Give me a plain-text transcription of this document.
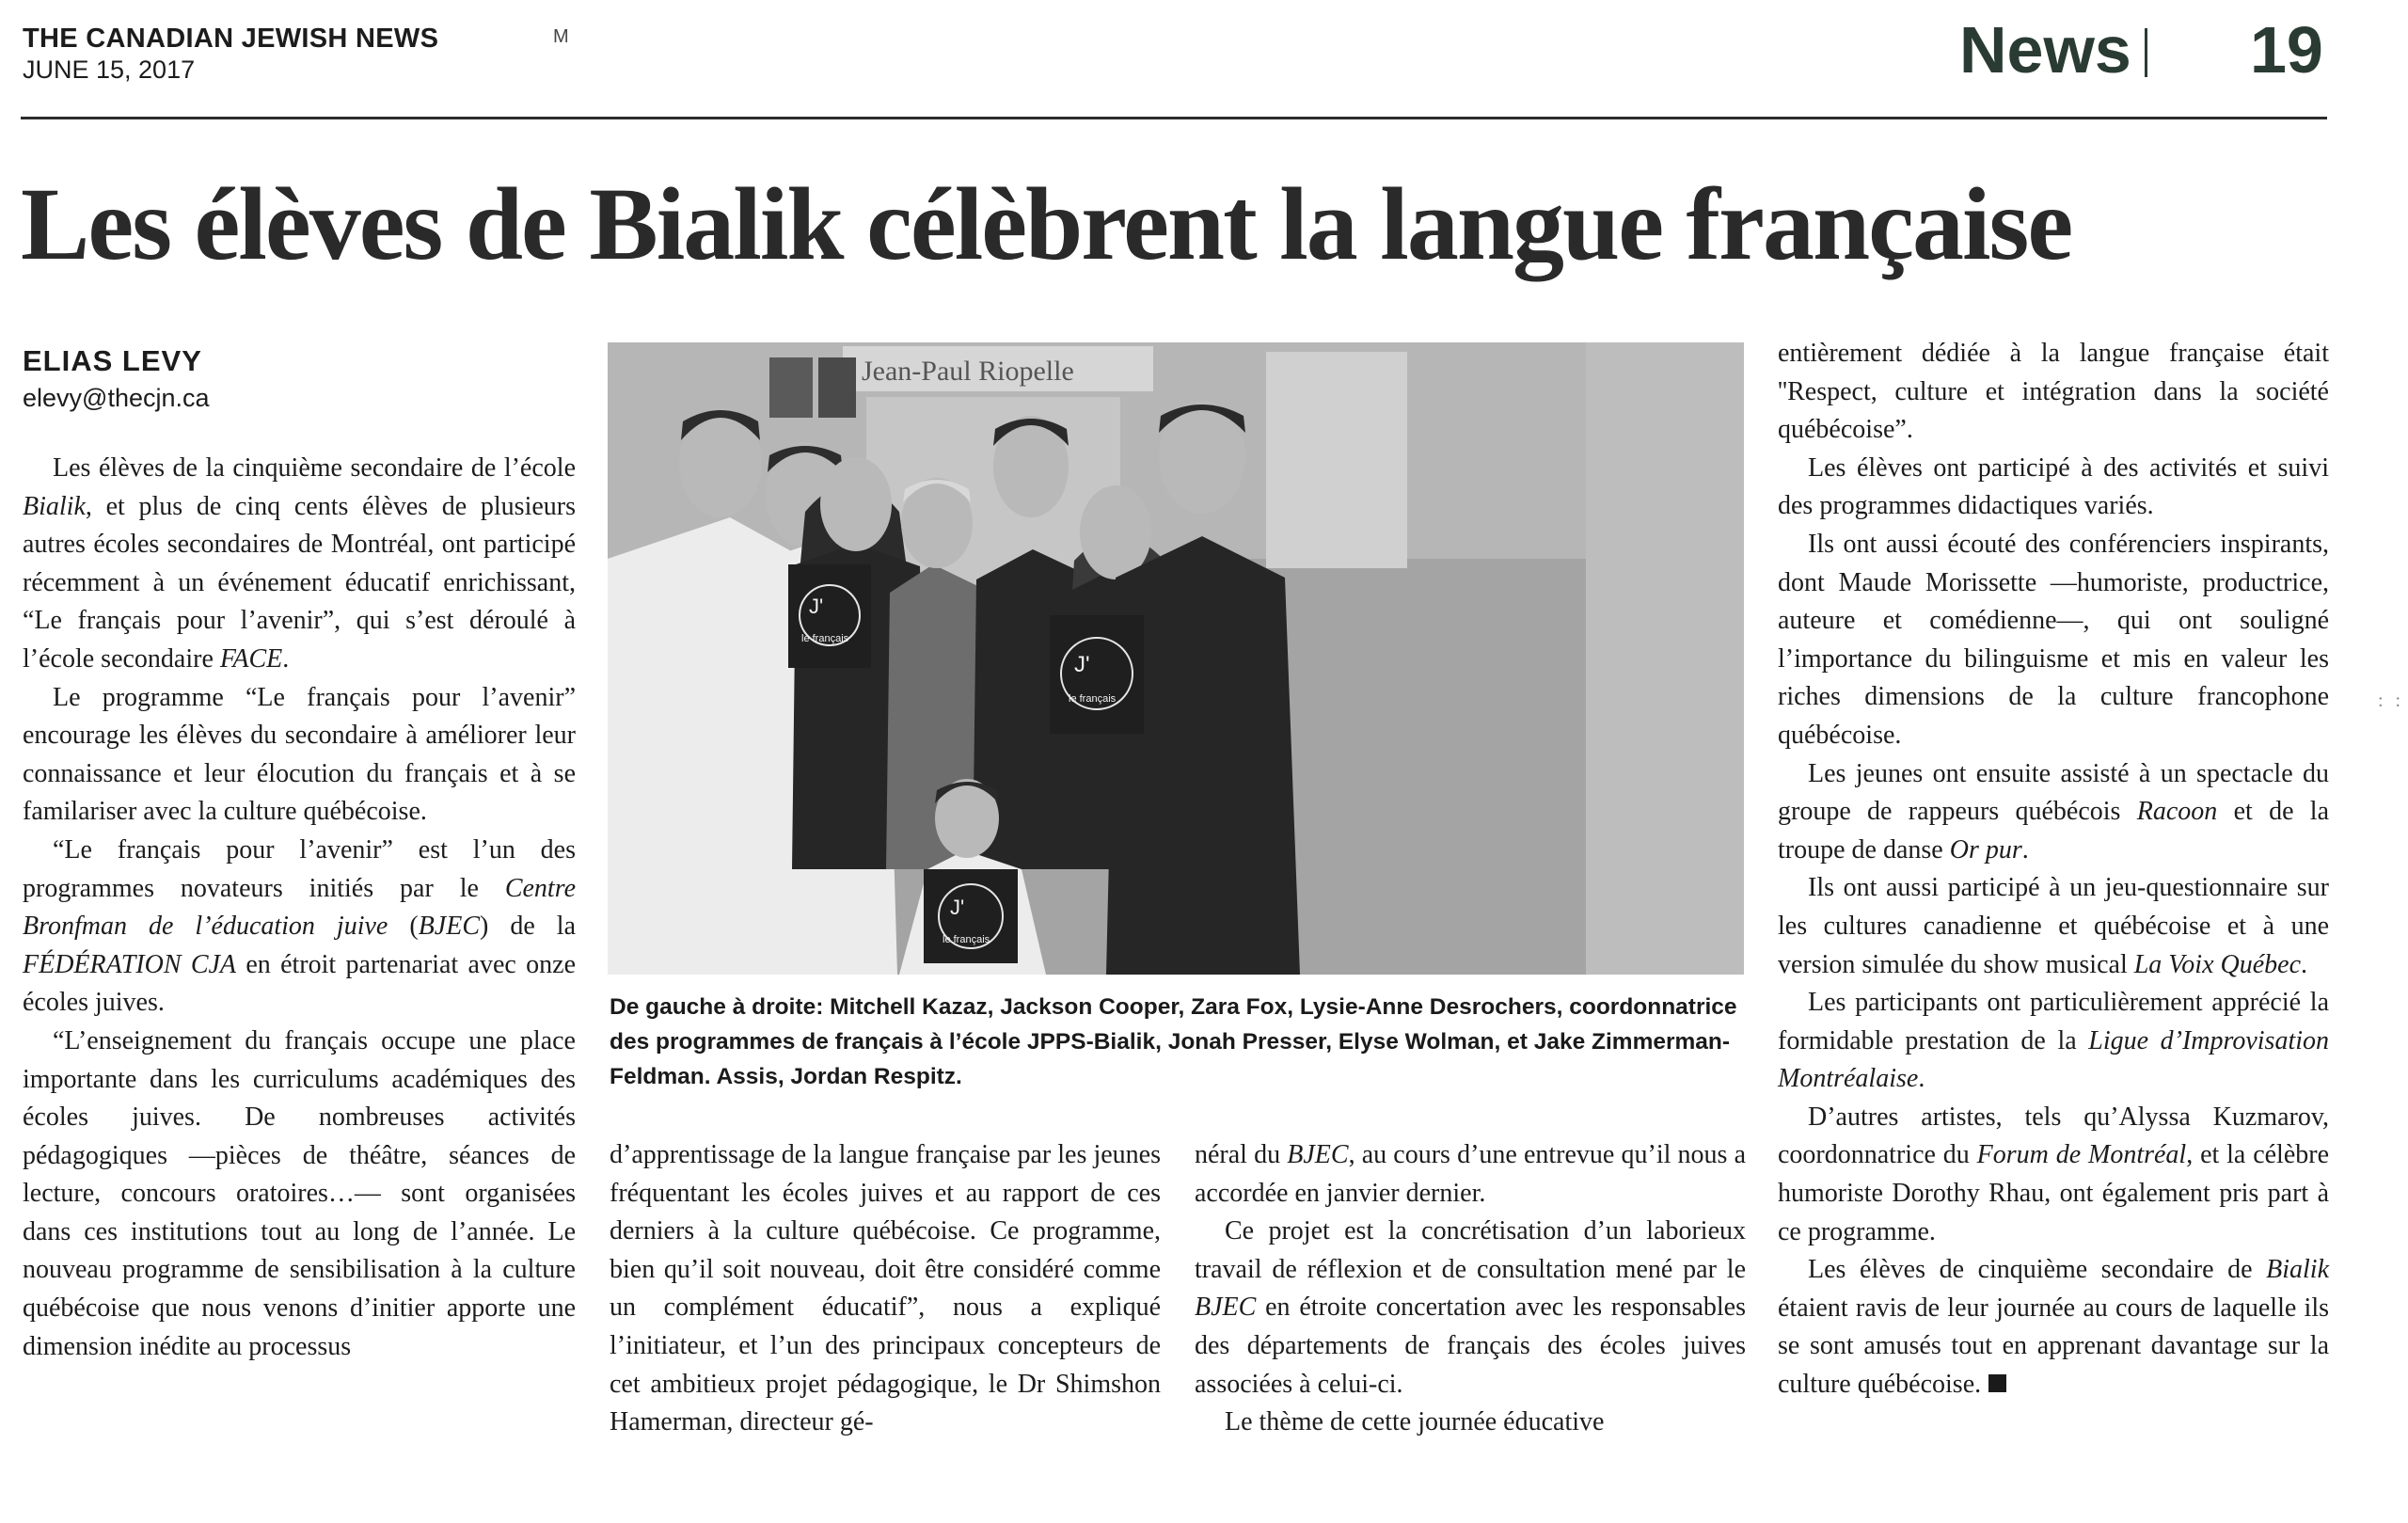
THE CANADIAN JEWISH NEWS
JUNE 15, 2017
M	News 19
Les élèves de Bialik célèbrent la langue française
ELIAS LEVY
elevy@thecjn.ca

Les élèves de la cinquième secondaire de l’école Bialik, et plus de cinq cents élèves de plusieurs autres écoles secondaires de Montréal, ont participé récemment à un événement éducatif enrichissant, “Le français pour l’avenir”, qui s’est déroulé à l’école secondaire FACE.

Le programme “Le français pour l’avenir” encourage les élèves du secondaire à améliorer leur connaissance et leur élocution du français et à se familariser avec la culture québécoise.

“Le français pour l’avenir” est l’un des programmes novateurs initiés par le Centre Bronfman de l’éducation juive (BJEC) de la FÉDÉRATION CJA en étroit partenariat avec onze écoles juives.

“L’enseignement du français occupe une place importante dans les curriculums académiques des écoles juives. De nombreuses activités pédagogiques —pièces de théâtre, séances de lecture, concours oratoires…— sont organisées dans ces institutions tout au long de l’année. Le nouveau programme de sensibilisation à la culture québécoise que nous venons d’initier apporte une dimension inédite au processus

Jean-Paul Riopelle
J'
le français
J'
le français
J'
le français
De gauche à droite: Mitchell Kazaz, Jackson Cooper, Zara Fox, Lysie-Anne Desrochers, coordonnatrice des programmes de français à l’école JPPS-Bialik, Jonah Presser, Elyse Wolman, et Jake Zimmerman-Feldman. Assis, Jordan Respitz.

d’apprentissage de la langue française par les jeunes fréquentant les écoles juives et au rapport de ces derniers à la culture québécoise. Ce programme, bien qu’il soit nouveau, doit être considéré comme un complément éducatif”, nous a expliqué l’initiateur, et l’un des principaux concepteurs de cet ambitieux projet pédagogique, le Dr Shimshon Hamerman, directeur gé-

néral du BJEC, au cours d’une entrevue qu’il nous a accordée en janvier dernier.

Ce projet est la concrétisation d’un laborieux travail de réflexion et de consultation mené par le BJEC en étroite concertation avec les responsables des départements de français des écoles juives associées à celui-ci.

Le thème de cette journée éducative

entièrement dédiée à la langue française était ''Respect, culture et intégration dans la société québécoise”.

Les élèves ont participé à des activités et suivi des programmes didactiques variés.

Ils ont aussi écouté des conférenciers inspirants, dont Maude Morissette —humoriste, productrice, auteure et comédienne—, qui ont souligné l’importance du bilinguisme et mis en valeur les riches dimensions de la culture francophone québécoise.

Les jeunes ont ensuite assisté à un spectacle du groupe de rappeurs québécois Racoon et de la troupe de danse Or pur.

Ils ont aussi participé à un jeu-questionnaire sur les cultures canadienne et québécoise et à une version simulée du show musical La Voix Québec.

Les participants ont particulièrement apprécié la formidable prestation de la Ligue d’Improvisation Montréalaise.

D’autres artistes, tels qu’Alyssa Kuzmarov, coordonnatrice du Forum de Montréal, et la célèbre humoriste Dorothy Rhau, ont également pris part à ce programme.

Les élèves de cinquième secondaire de Bialik étaient ravis de leur journée au cours de laquelle ils se sont amusés tout en apprenant davantage sur la culture québécoise.

: :
